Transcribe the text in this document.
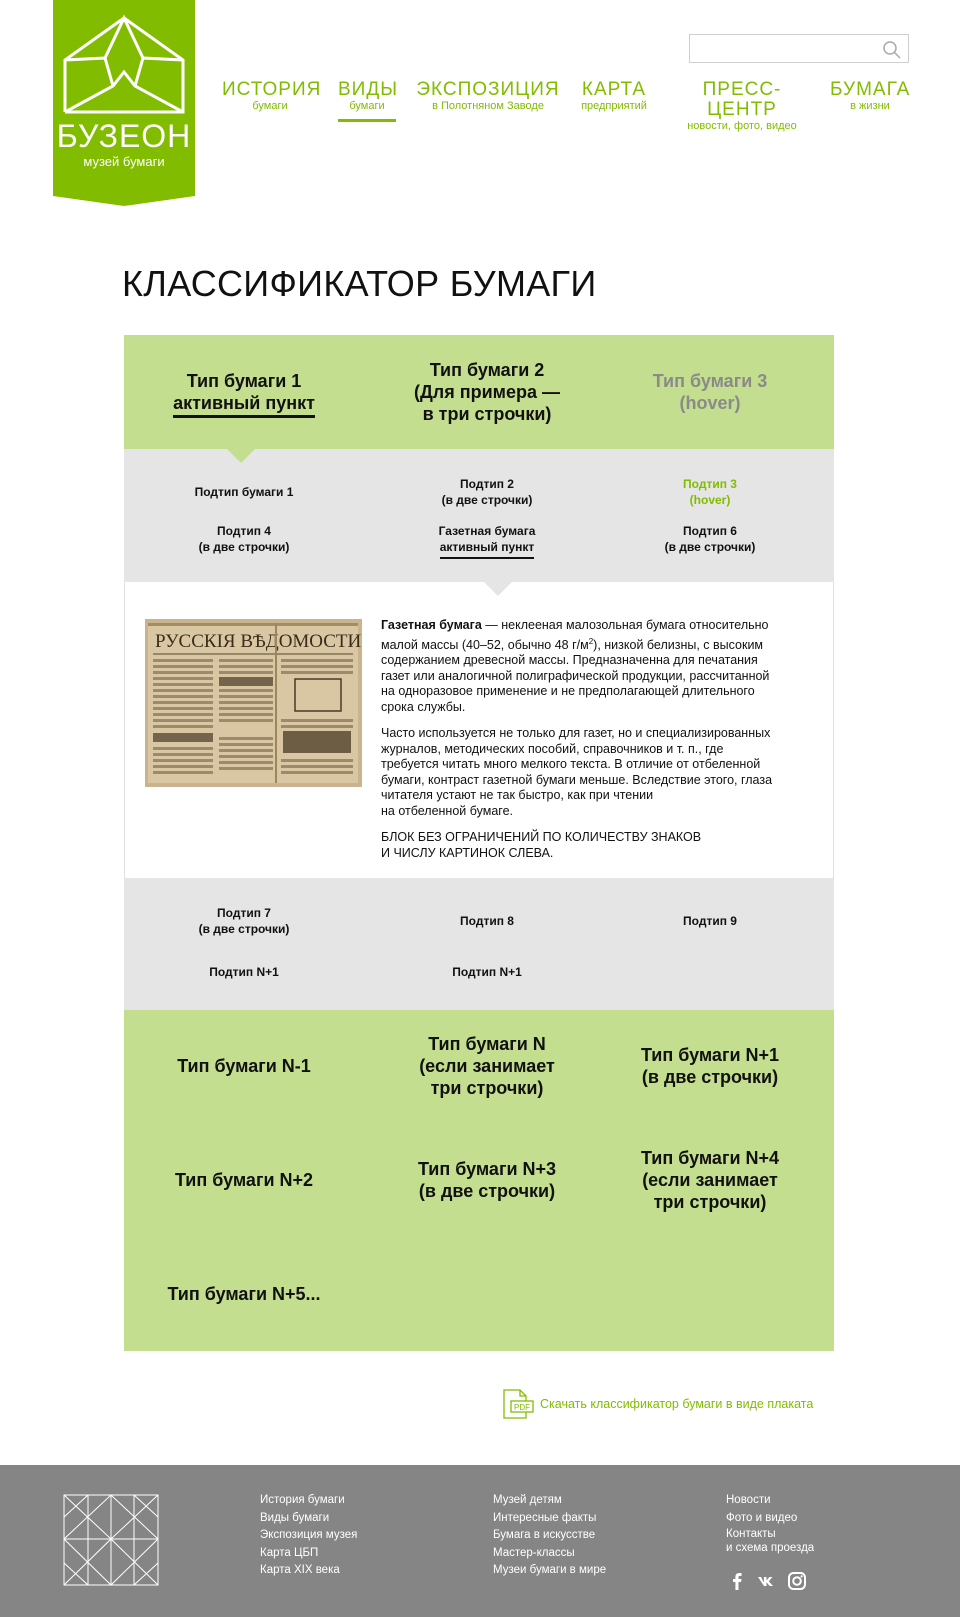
БУЗЕОН
музей бумаги
ИСТОРИЯ
бумаги
ВИДЫ
бумаги
ЭКСПОЗИЦИЯ
в Полотняном Заводе
КАРТА
предприятий
ПРЕСС-ЦЕНТР
новости, фото, видео
БУМАГА
в жизни
КЛАССИФИКАТОР БУМАГИ
Тип бумаги 1
активный пункт
Тип бумаги 2
(Для примера —
в три строчки)
Тип бумаги 3
(hover)
Подтип бумаги 1
Подтип 2
(в две строчки)
Подтип 3
(hover)
Подтип 4
(в две строчки)
Газетная бумага
активный пункт
Подтип 6
(в две строчки)
РУССКIЯ ВѢДОМОСТИ

Газетная бумага — неклееная малозольная бумага относительно
малой массы (40–52, обычно 48 $г/м^2$), низкой белизны, с высоким
содержанием древесной массы. Предназначенна для печатания
газет или аналогичной полиграфической продукции, рассчитанной
на одноразовое применение и не предполагающей длительного
срока службы.

Часто используется не только для газет, но и специализированных
журналов, методических пособий, справочников и т. п., где
требуется читать много мелкого текста. В отличие от отбеленной
бумаги, контраст газетной бумаги меньше. Вследствие этого, глаза
читателя устают не так быстро, как при чтении
на отбеленной бумаге.

БЛОК БЕЗ ОГРАНИЧЕНИЙ ПО КОЛИЧЕСТВУ ЗНАКОВ
И ЧИСЛУ КАРТИНОК СЛЕВА.

Подтип 7
(в две строчки)
Подтип 8	Подтип 9
Подтип N+1	Подтип N+1
Тип бумаги N-1
Тип бумаги N
(если занимает
три строчки)
Тип бумаги N+1
(в две строчки)
Тип бумаги N+2
Тип бумаги N+3
(в две строчки)
Тип бумаги N+4
(если занимает
три строчки)
Тип бумаги N+5...
PDF Скачать классификатор бумаги в виде плаката
История бумаги
Виды бумаги
Экспозиция музея
Карта ЦБП
Карта XIX века
Музей детям
Интересные факты
Бумага в искусстве
Мастер-классы
Музеи бумаги в мире
Новости
Фото и видео
Контакты
и схема проезда
